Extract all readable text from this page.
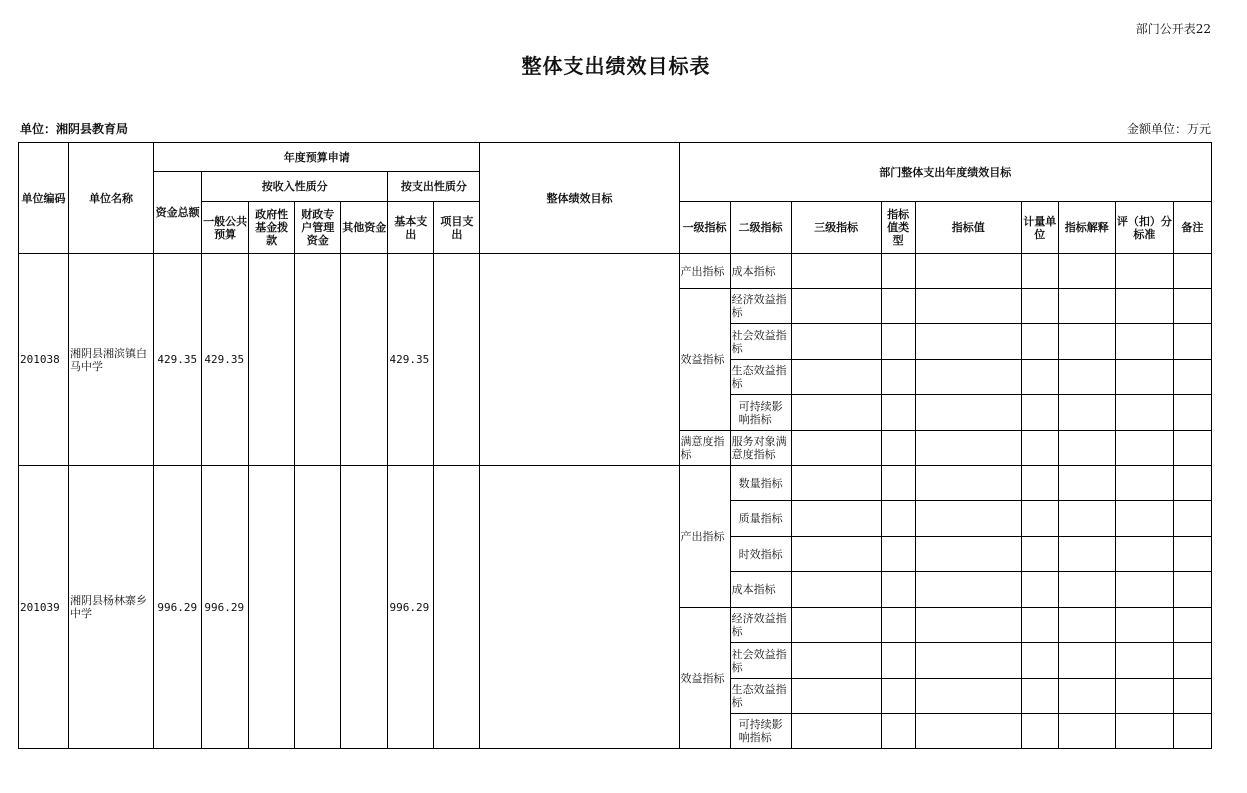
部门公开表22
整体支出绩效目标表
单位：湘阴县教育局	金额单位：万元
单位编码	单位名称	年度预算申请							整体绩效目标	部门整体支出年度绩效目标								
		资金总额	按收入性质分				按支出性质分											
			一般公共预算	政府性基金拨款	财政专户管理资金	其他资金	基本支出	项目支出		一级指标	二级指标	三级指标	指标值类型	指标值	计量单位	指标解释	评（扣）分标准	备注
201038	湘阴县湘滨镇白马中学	429.35	429.35				429.35			产出指标	成本指标							
										效益指标	经济效益指标							
											社会效益指标							
											生态效益指标							
											可持续影响指标							
										满意度指标	服务对象满意度指标							
201039	湘阴县杨林寨乡中学	996.29	996.29				996.29			产出指标	数量指标							
											质量指标							
											时效指标							
											成本指标							
										效益指标	经济效益指标							
											社会效益指标							
											生态效益指标							
											可持续影响指标							
